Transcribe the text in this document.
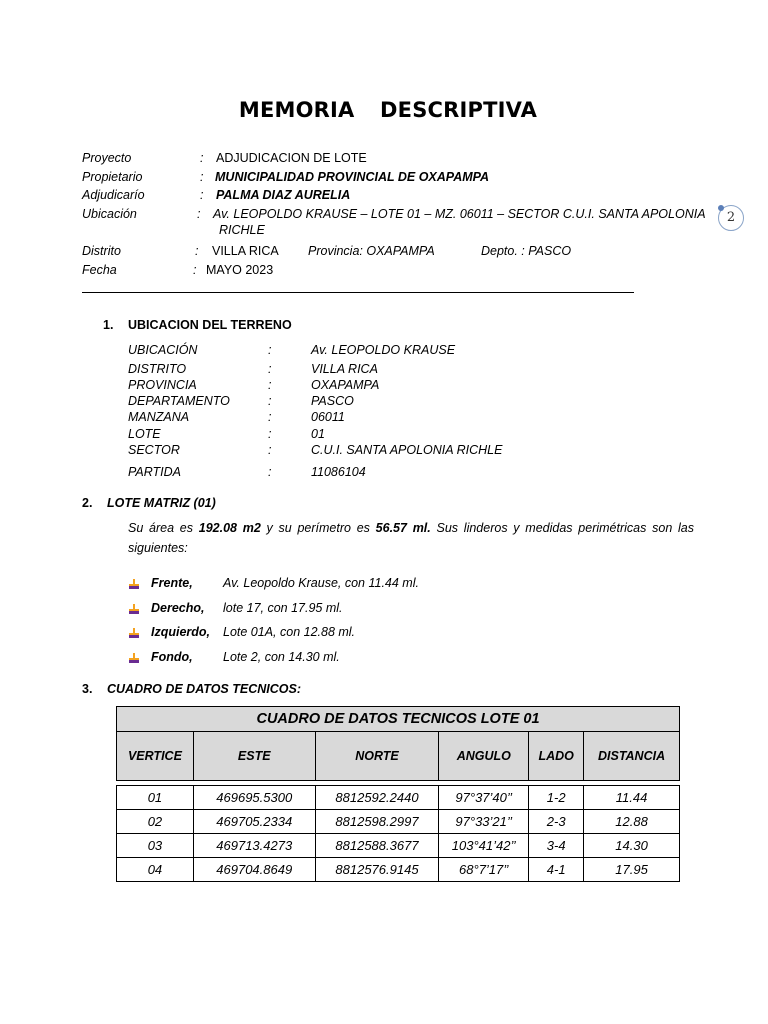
MEMORIA DESCRIPTIVA
2
Proyecto	: ADJUDICACION DE LOTE
Propietario	: MUNICIPALIDAD PROVINCIAL DE OXAPAMPA
Adjudicarío	: PALMA DIAZ AURELIA
Ubicación	: Av. LEOPOLDO KRAUSE – LOTE 01 – MZ. 06011 – SECTOR C.U.I. SANTA APOLONIA
RICHLE
Distrito	: VILLA RICA Provincia: OXAPAMPA	Depto. : PASCO
Fecha	: MAYO 2023
1. UBICACION DEL TERRENO
UBICACIÓN	:	Av. LEOPOLDO KRAUSE
DISTRITO	:	VILLA RICA
PROVINCIA	:	OXAPAMPA
DEPARTAMENTO	:	PASCO
MANZANA	:	06011
LOTE	:	01
SECTOR	:	C.U.I. SANTA APOLONIA RICHLE
PARTIDA	:	11086104
2. LOTE MATRIZ (01)
Su área es 192.08 m2 y su perímetro es 56.57 ml. Sus linderos y medidas perimétricas son las siguientes:
Frente, Av. Leopoldo Krause, con 11.44 ml.
Derecho, lote 17, con 17.95 ml.
Izquierdo, Lote 01A, con 12.88 ml.
Fondo, Lote 2, con 14.30 ml.
3. CUADRO DE DATOS TECNICOS:
CUADRO DE DATOS TECNICOS LOTE 01					
VERTICE	ESTE	NORTE	ANGULO	LADO	DISTANCIA

01	469695.5300	8812592.2440	97°37’40’’	1-2	11.44
02	469705.2334	8812598.2997	97°33’21’’	2-3	12.88
03	469713.4273	8812588.3677	103°41’42’’	3-4	14.30
04	469704.8649	8812576.9145	68°7’17’’	4-1	17.95
